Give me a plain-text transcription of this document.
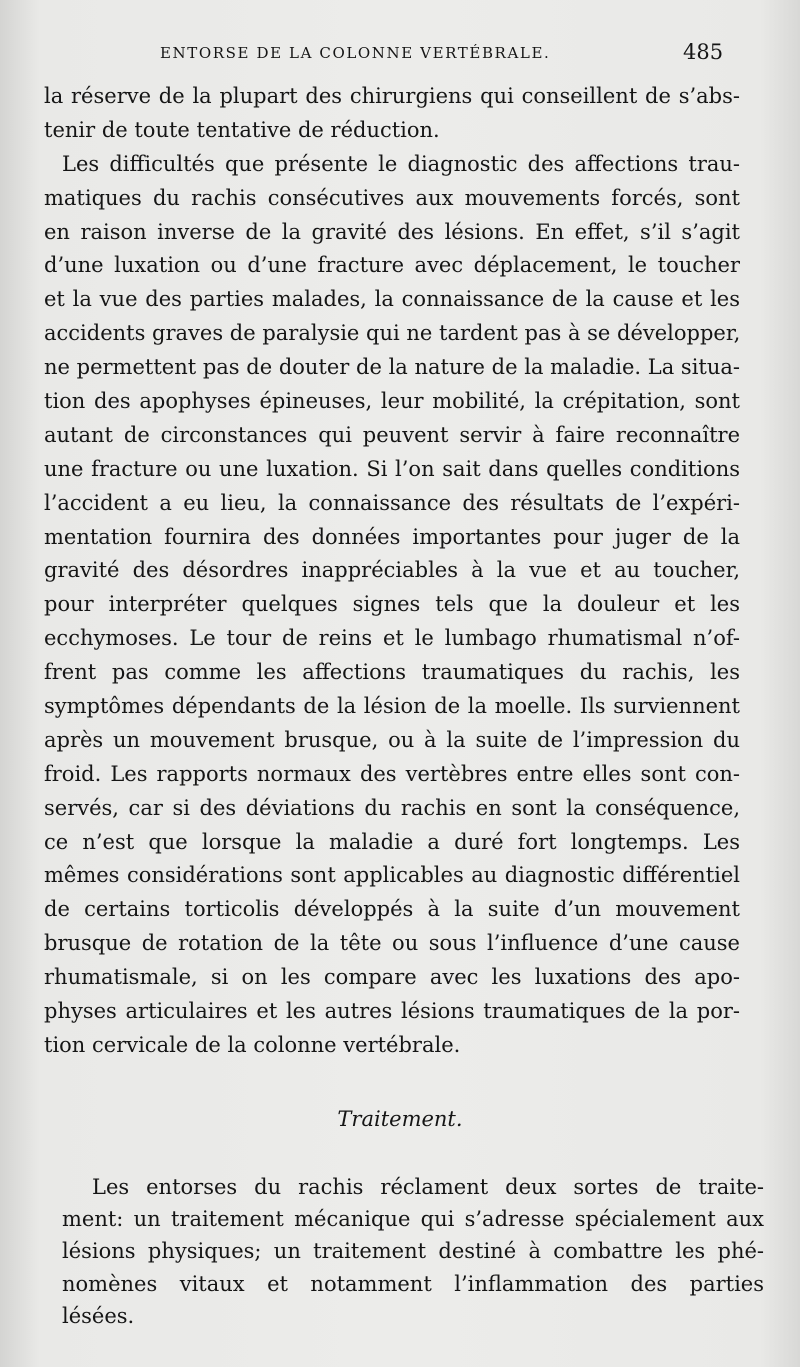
ENTORSE DE LA COLONNE VERTÉBRALE.	485
la réserve de la plupart des chirurgiens qui conseillent de s’abs-
tenir de toute tentative de réduction.
Les difficultés que présente le diagnostic des affections trau-
matiques du rachis consécutives aux mouvements forcés, sont
en raison inverse de la gravité des lésions. En effet, s’il s’agit
d’une luxation ou d’une fracture avec déplacement, le toucher
et la vue des parties malades, la connaissance de la cause et les
accidents graves de paralysie qui ne tardent pas à se développer,
ne permettent pas de douter de la nature de la maladie. La situa-
tion des apophyses épineuses, leur mobilité, la crépitation, sont
autant de circonstances qui peuvent servir à faire reconnaître
une fracture ou une luxation. Si l’on sait dans quelles conditions
l’accident a eu lieu, la connaissance des résultats de l’expéri-
mentation fournira des données importantes pour juger de la
gravité des désordres inappréciables à la vue et au toucher,
pour interpréter quelques signes tels que la douleur et les
ecchymoses. Le tour de reins et le lumbago rhumatismal n’of-
frent pas comme les affections traumatiques du rachis, les
symptômes dépendants de la lésion de la moelle. Ils surviennent
après un mouvement brusque, ou à la suite de l’impression du
froid. Les rapports normaux des vertèbres entre elles sont con-
servés, car si des déviations du rachis en sont la conséquence,
ce n’est que lorsque la maladie a duré fort longtemps. Les
mêmes considérations sont applicables au diagnostic différentiel
de certains torticolis développés à la suite d’un mouvement
brusque de rotation de la tête ou sous l’influence d’une cause
rhumatismale, si on les compare avec les luxations des apo-
physes articulaires et les autres lésions traumatiques de la por-
tion cervicale de la colonne vertébrale.
Traitement.
Les entorses du rachis réclament deux sortes de traite-
ment: un traitement mécanique qui s’adresse spécialement aux
lésions physiques; un traitement destiné à combattre les phé-
nomènes vitaux et notamment l’inflammation des parties
lésées.
